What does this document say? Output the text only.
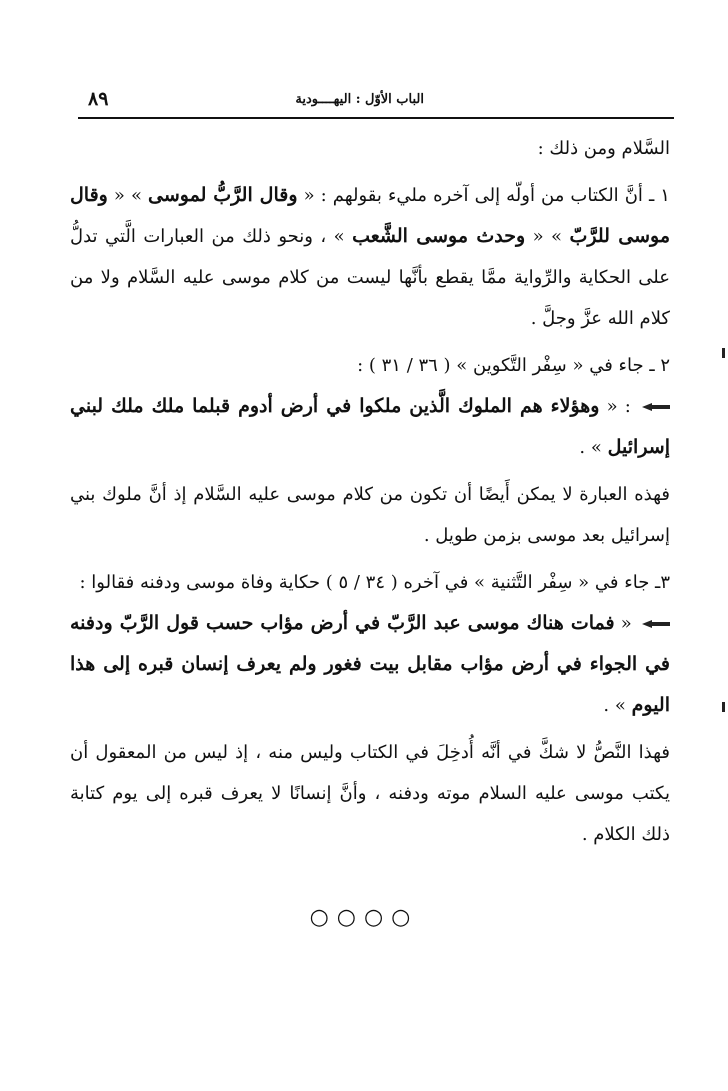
الباب الأوّل : اليهــــودية
٨٩

السَّلام ومن ذلك :

١ ـ أنَّ الكتاب من أولّه إلى آخره مليء بقولهم : « وقال الرَّبُّ لموسى » « وقال موسى للرَّبّ » « وحدث موسى الشَّعب » ، ونحو ذلك من العبارات الَّتي تدلُّ على الحكاية والرِّواية ممَّا يقطع بأنَّها ليست من كلام موسى عليه السَّلام ولا من كلام الله عزَّ وجلَّ .

٢ ـ جاء في « سِفْر التَّكوين » ( ٣٦ / ٣١ ) :

: « وهؤلاء هم الملوك الَّذين ملكوا في أرض أدوم قبلما ملك ملك لبني إسرائيل » .

فهذه العبارة لا يمكن أَيضًا أن تكون من كلام موسى عليه السَّلام إذ أنَّ ملوك بني إسرائيل بعد موسى بزمن طويل .

٣ـ جاء في « سِفْر التَّثنية » في آخره ( ٣٤ / ٥ ) حكاية وفاة موسى ودفنه فقالوا :

« فمات هناك موسى عبد الرَّبّ في أرض مؤاب حسب قول الرَّبّ ودفنه في الجواء في أرض مؤاب مقابل بيت فغور ولم يعرف إنسان قبره إلى هذا اليوم » .

فهذا النَّصُّ لا شكَّ في أنَّه أُدخِلَ في الكتاب وليس منه ، إذ ليس من المعقول أن يكتب موسى عليه السلام موته ودفنه ، وأنَّ إنسانًا لا يعرف قبره إلى يوم كتابة ذلك الكلام .

○○○○
